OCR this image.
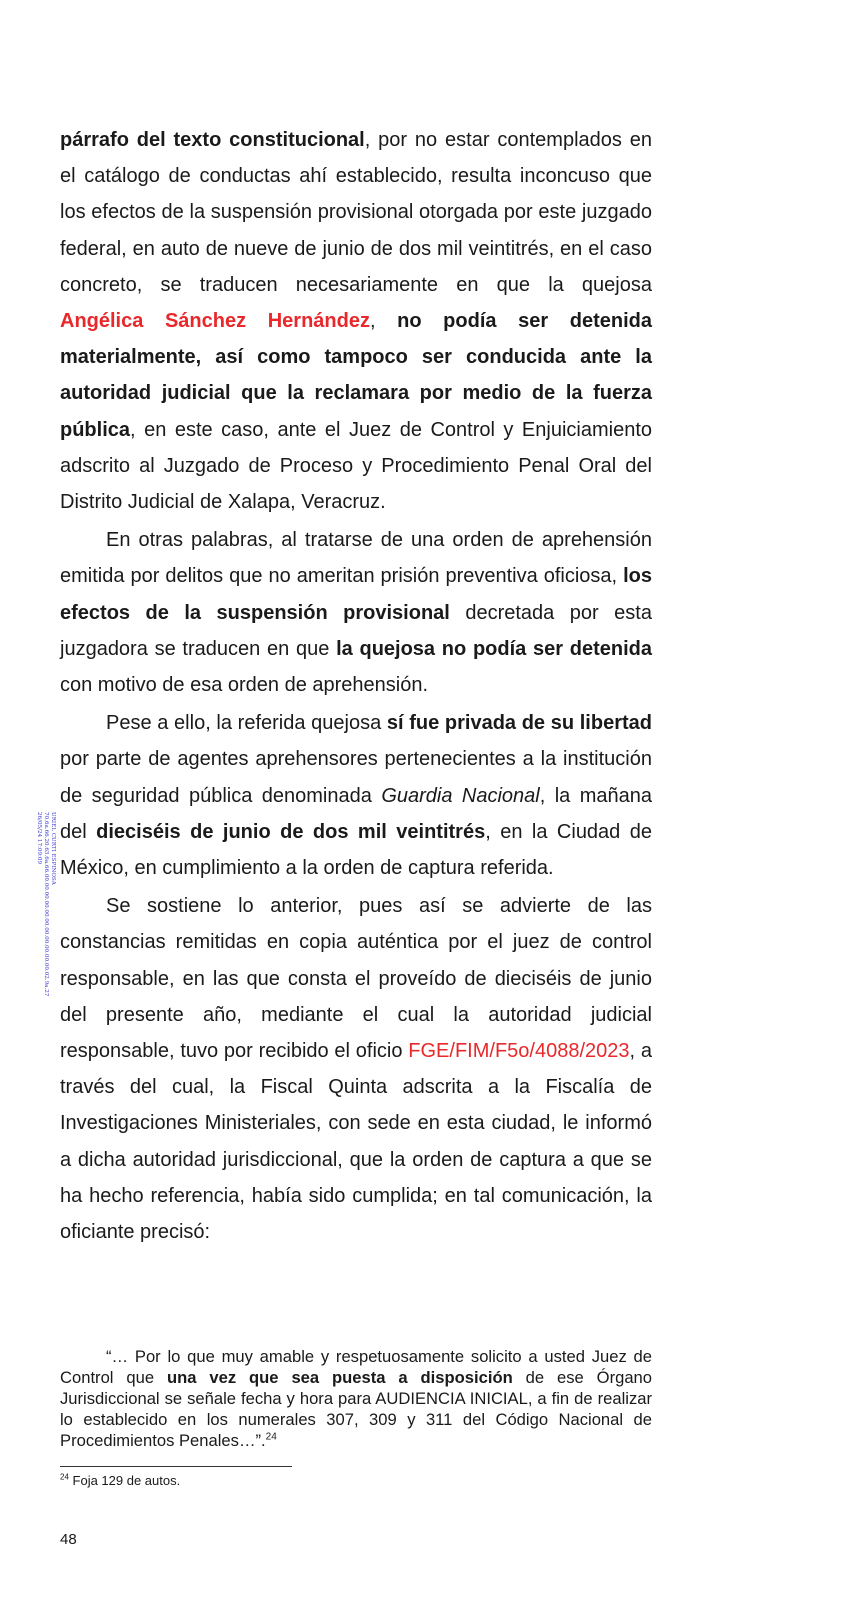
párrafo del texto constitucional, por no estar contemplados en el catálogo de conductas ahí establecido, resulta inconcuso que los efectos de la suspensión provisional otorgada por este juzgado federal, en auto de nueve de junio de dos mil veintitrés, en el caso concreto, se traducen necesariamente en que la quejosa Angélica Sánchez Hernández, no podía ser detenida materialmente, así como tampoco ser conducida ante la autoridad judicial que la reclamara por medio de la fuerza pública, en este caso, ante el Juez de Control y Enjuiciamiento adscrito al Juzgado de Proceso y Procedimiento Penal Oral del Distrito Judicial de Xalapa, Veracruz.

En otras palabras, al tratarse de una orden de aprehensión emitida por delitos que no ameritan prisión preventiva oficiosa, los efectos de la suspensión provisional decretada por esta juzgadora se traducen en que la quejosa no podía ser detenida con motivo de esa orden de aprehensión.

Pese a ello, la referida quejosa sí fue privada de su libertad por parte de agentes aprehensores pertenecientes a la institución de seguridad pública denominada Guardia Nacional, la mañana del dieciséis de junio de dos mil veintitrés, en la Ciudad de México, en cumplimiento a la orden de captura referida.

Se sostiene lo anterior, pues así se advierte de las constancias remitidas en copia auténtica por el juez de control responsable, en las que consta el proveído de dieciséis de junio del presente año, mediante el cual la autoridad judicial responsable, tuvo por recibido el oficio FGE/FIM/F5o/4088/2023, a través del cual, la Fiscal Quinta adscrita a la Fiscalía de Investigaciones Ministeriales, con sede en esta ciudad, le informó a dicha autoridad jurisdiccional, que la orden de captura a que se ha hecho referencia, había sido cumplida; en tal comunicación, la oficiante precisó:

URIEL CURTI ESPINOSA
70.6a.66.20.63.6a.66.00.00.00.00.00.00.00.00.00.00.00.02.9a.27
26/05/24 17:09:09
“… Por lo que muy amable y respetuosamente solicito a usted Juez de Control que una vez que sea puesta a disposición de ese Órgano Jurisdiccional se señale fecha y hora para AUDIENCIA INICIAL, a fin de realizar lo establecido en los numerales 307, 309 y 311 del Código Nacional de Procedimientos Penales…”.$^{24}$
$^{24}$ Foja 129 de autos.
48
